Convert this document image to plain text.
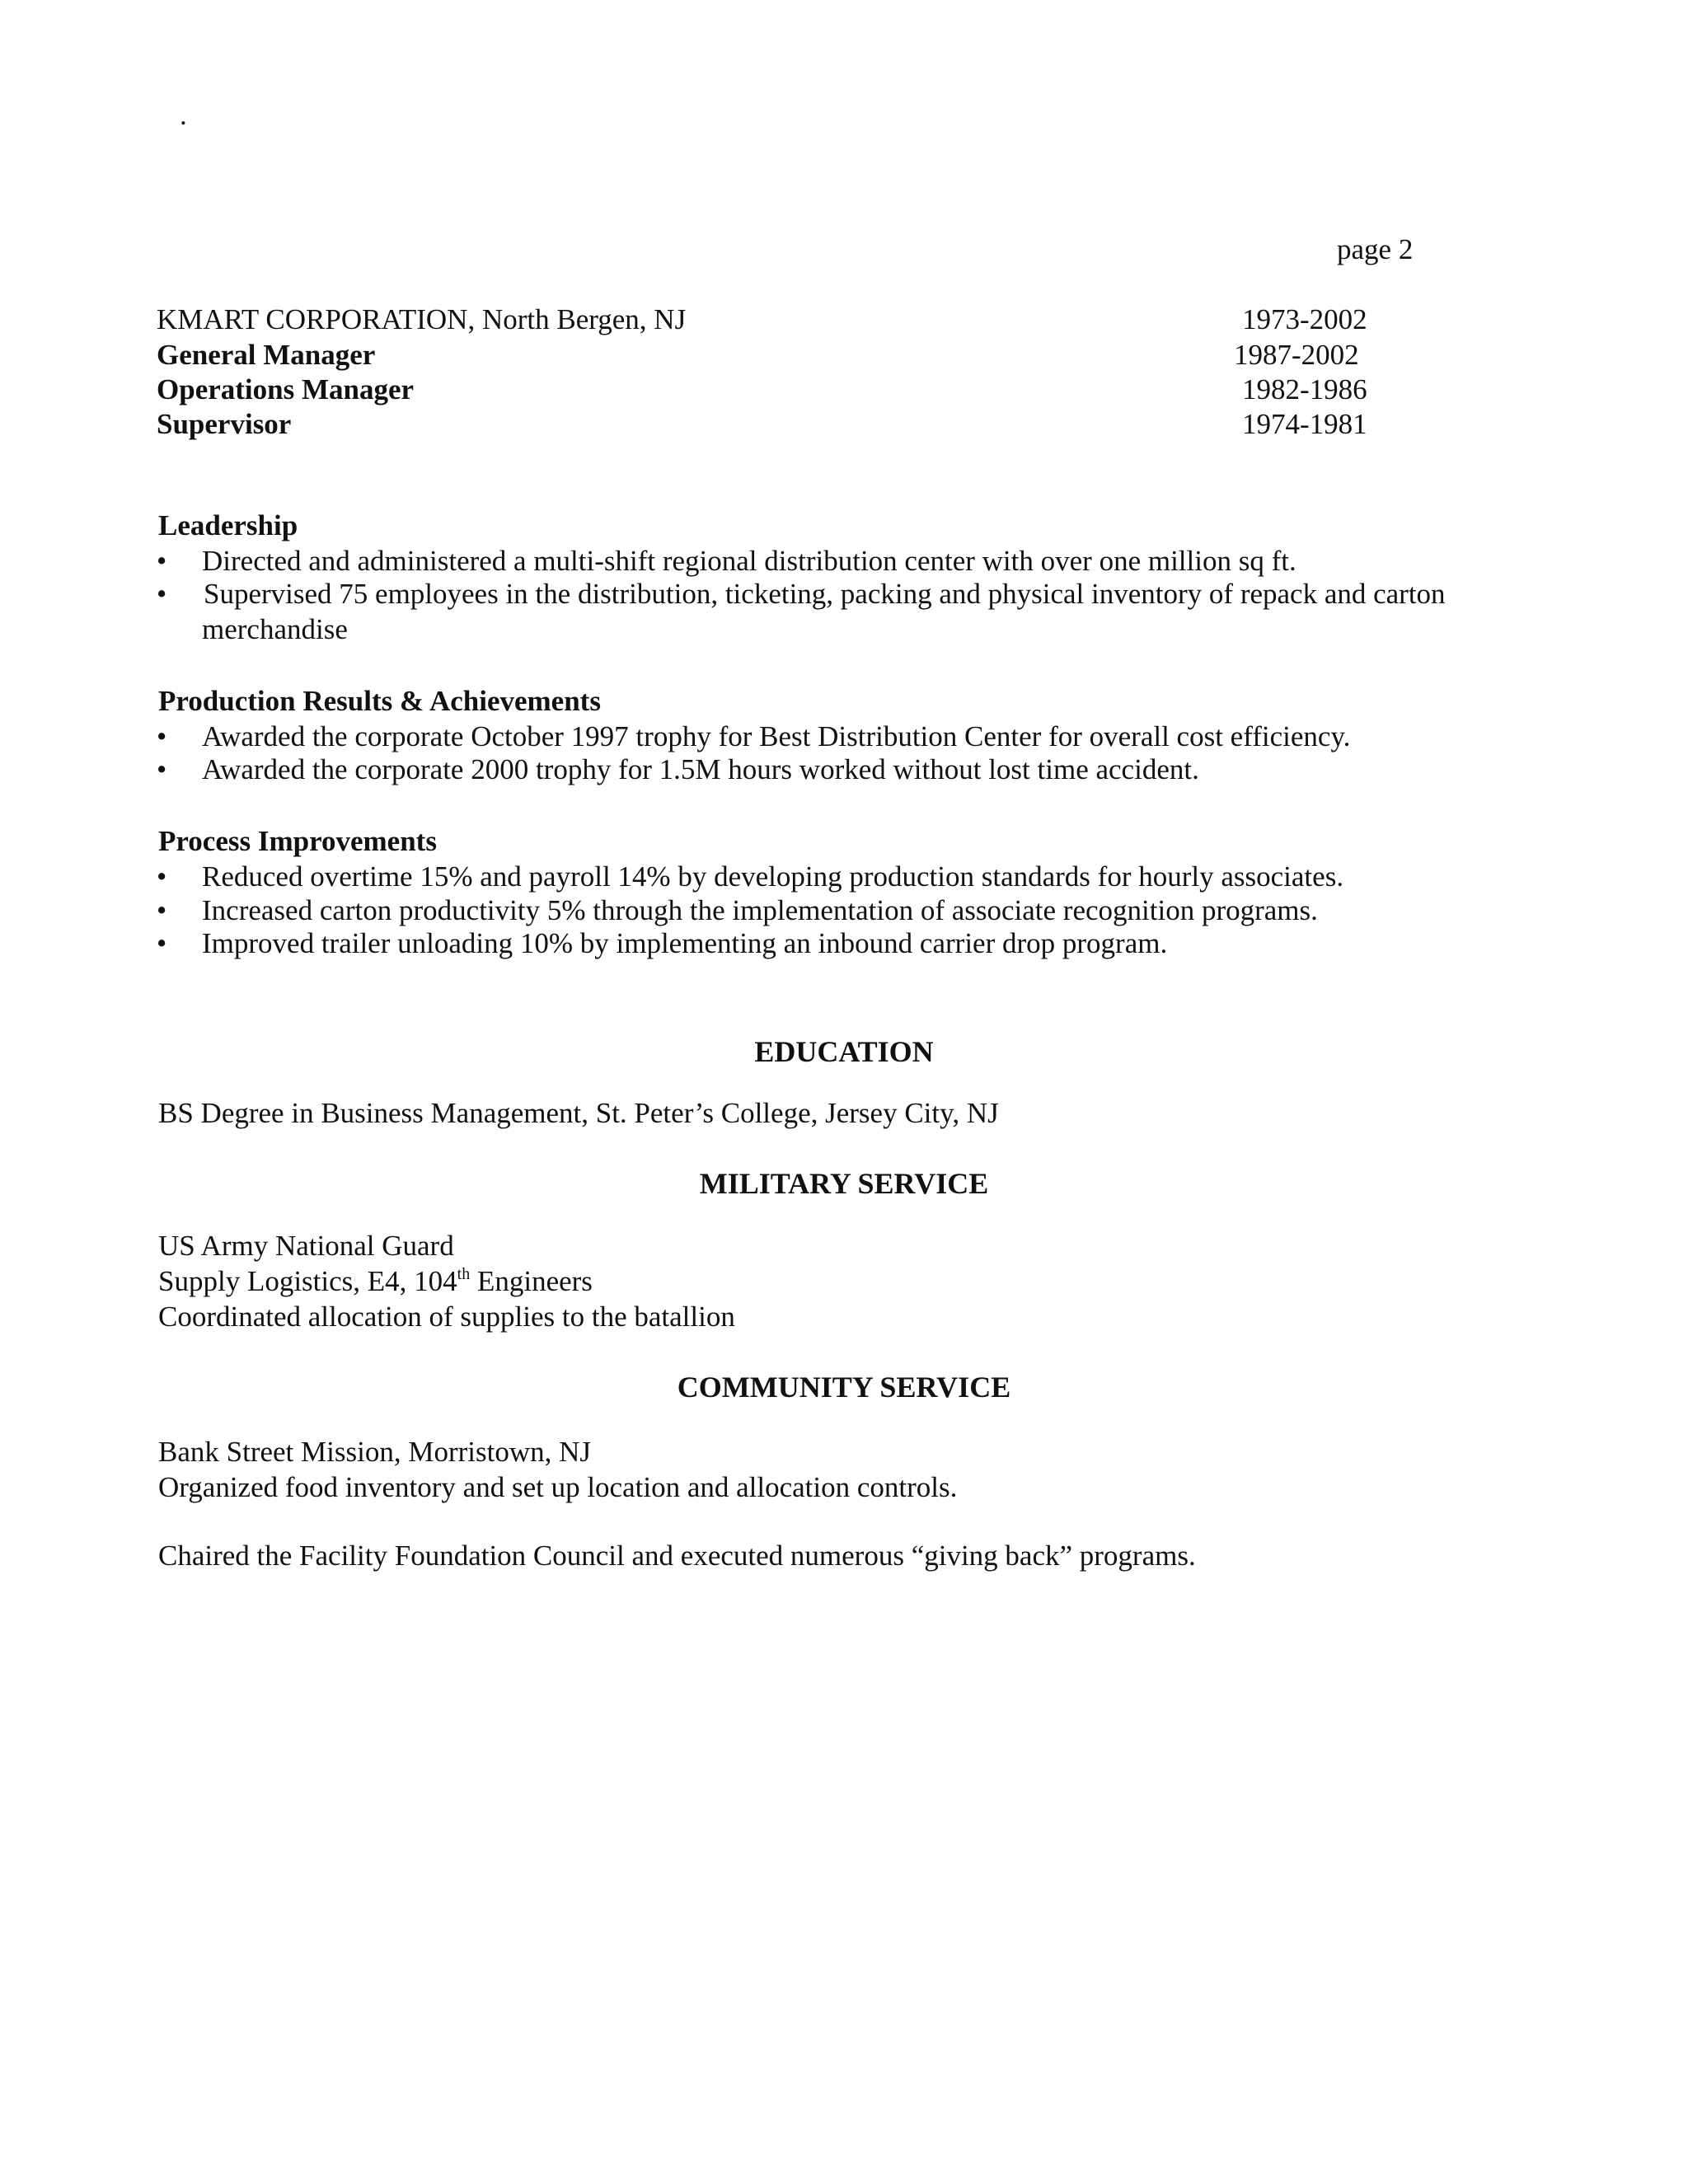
.
page 2
KMART CORPORATION, North Bergen, NJ	1973-2002
General Manager	1987-2002
Operations Manager	1982-1986
Supervisor	1974-1981
Leadership
• Directed and administered a multi-shift regional distribution center with over one million sq ft.
• Supervised 75 employees in the distribution, ticketing, packing and physical inventory of repack and carton
merchandise
Production Results & Achievements
• Awarded the corporate October 1997 trophy for Best Distribution Center for overall cost efficiency.
• Awarded the corporate 2000 trophy for 1.5M hours worked without lost time accident.
Process Improvements
• Reduced overtime 15% and payroll 14% by developing production standards for hourly associates.
• Increased carton productivity 5% through the implementation of associate recognition programs.
• Improved trailer unloading 10% by implementing an inbound carrier drop program.
EDUCATION
BS Degree in Business Management, St. Peter’s College, Jersey City, NJ
MILITARY SERVICE
US Army National Guard
Supply Logistics, E4, 104th Engineers
Coordinated allocation of supplies to the batallion
COMMUNITY SERVICE
Bank Street Mission, Morristown, NJ
Organized food inventory and set up location and allocation controls.
Chaired the Facility Foundation Council and executed numerous “giving back” programs.
